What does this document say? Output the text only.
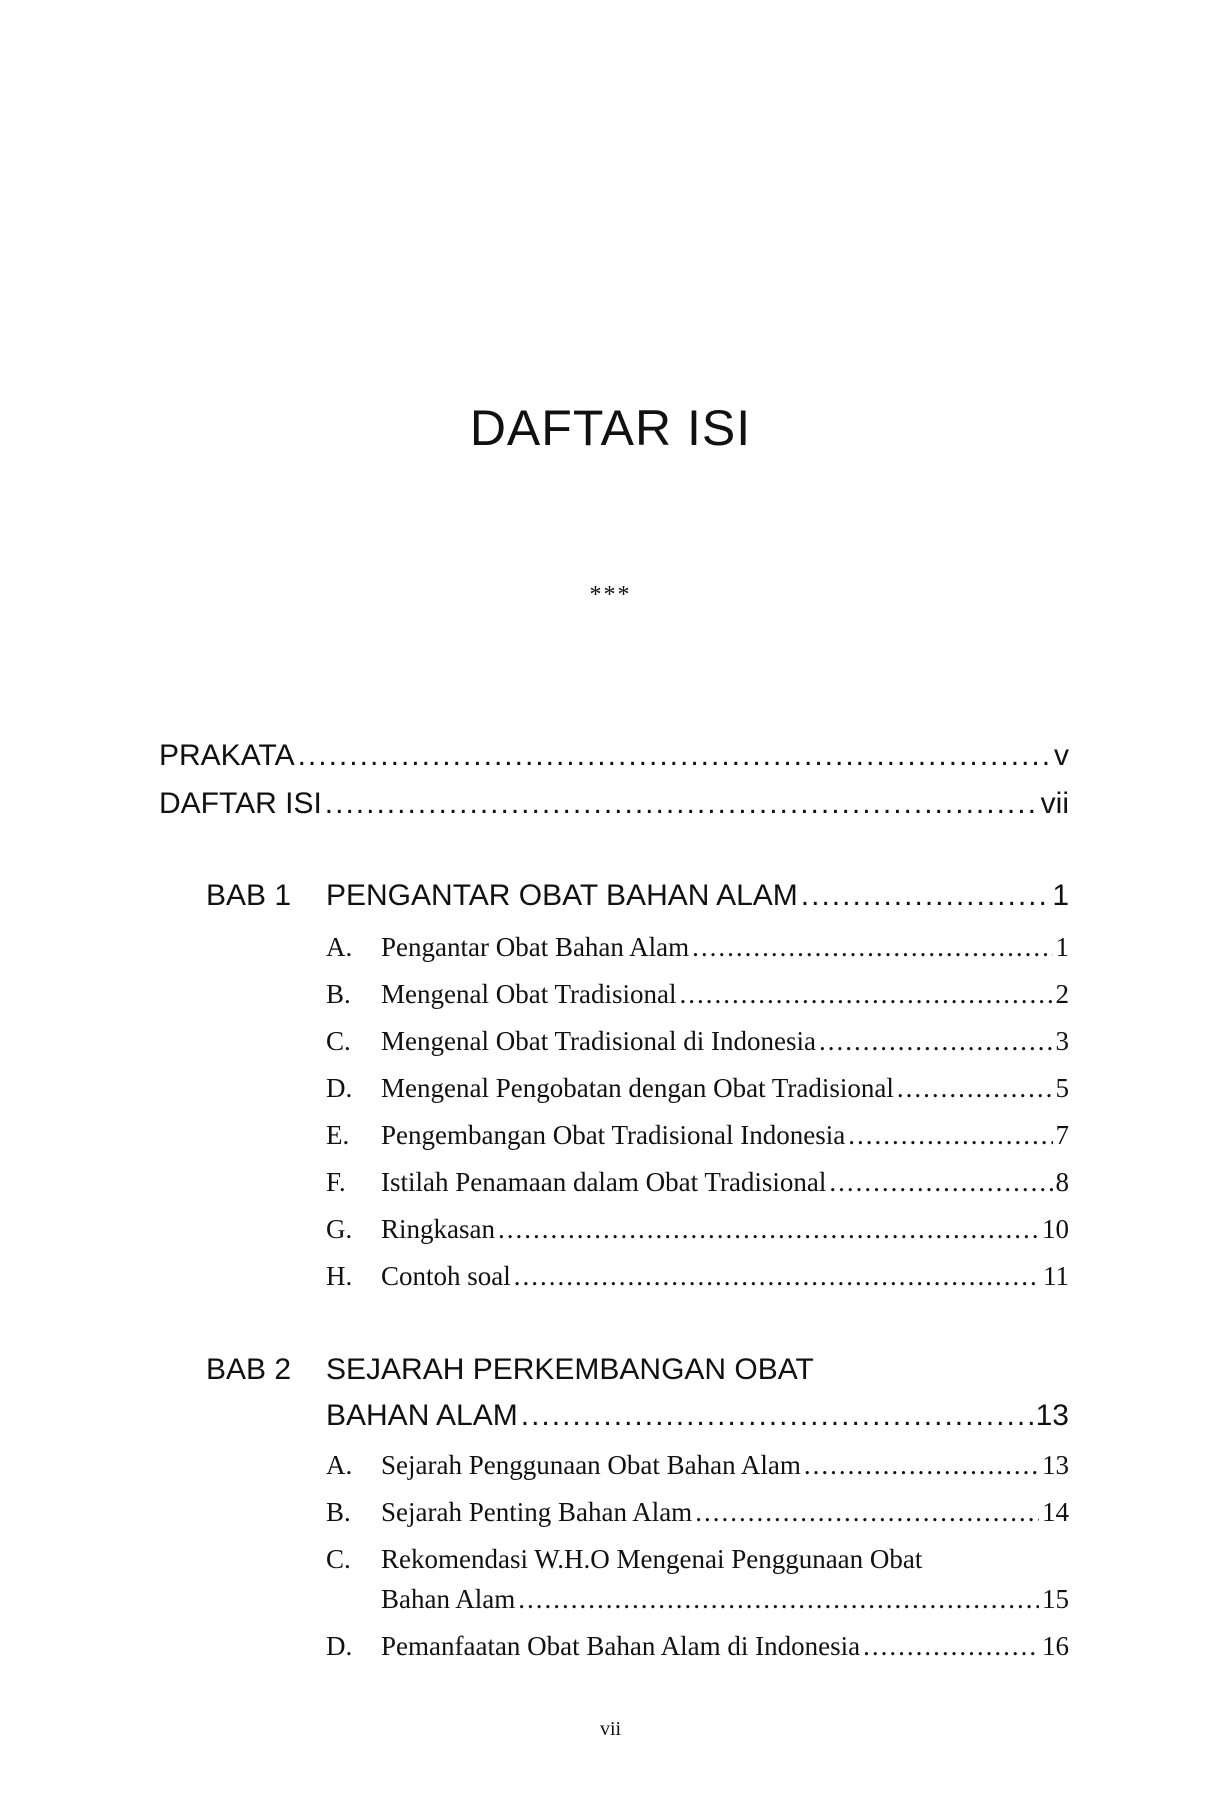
DAFTAR ISI
***
PRAKATA .....	v
DAFTAR ISI .....	vii
BAB 1 PENGANTAR OBAT BAHAN ALAM .....	1
A. Pengantar Obat Bahan Alam .....	1
B. Mengenal Obat Tradisional .....	2
C. Mengenal Obat Tradisional di Indonesia .....	3
D. Mengenal Pengobatan dengan Obat Tradisional .....	5
E. Pengembangan Obat Tradisional Indonesia .....	7
F. Istilah Penamaan dalam Obat Tradisional .....	8
G. Ringkasan .....	10
H. Contoh soal .....	11
BAB 2 SEJARAH PERKEMBANGAN OBAT
BAHAN ALAM .....	13
A. Sejarah Penggunaan Obat Bahan Alam .....	13
B. Sejarah Penting Bahan Alam .....	14
C. Rekomendasi W.H.O Mengenai Penggunaan Obat
Bahan Alam .....	15
D. Pemanfaatan Obat Bahan Alam di Indonesia .....	16
vii
